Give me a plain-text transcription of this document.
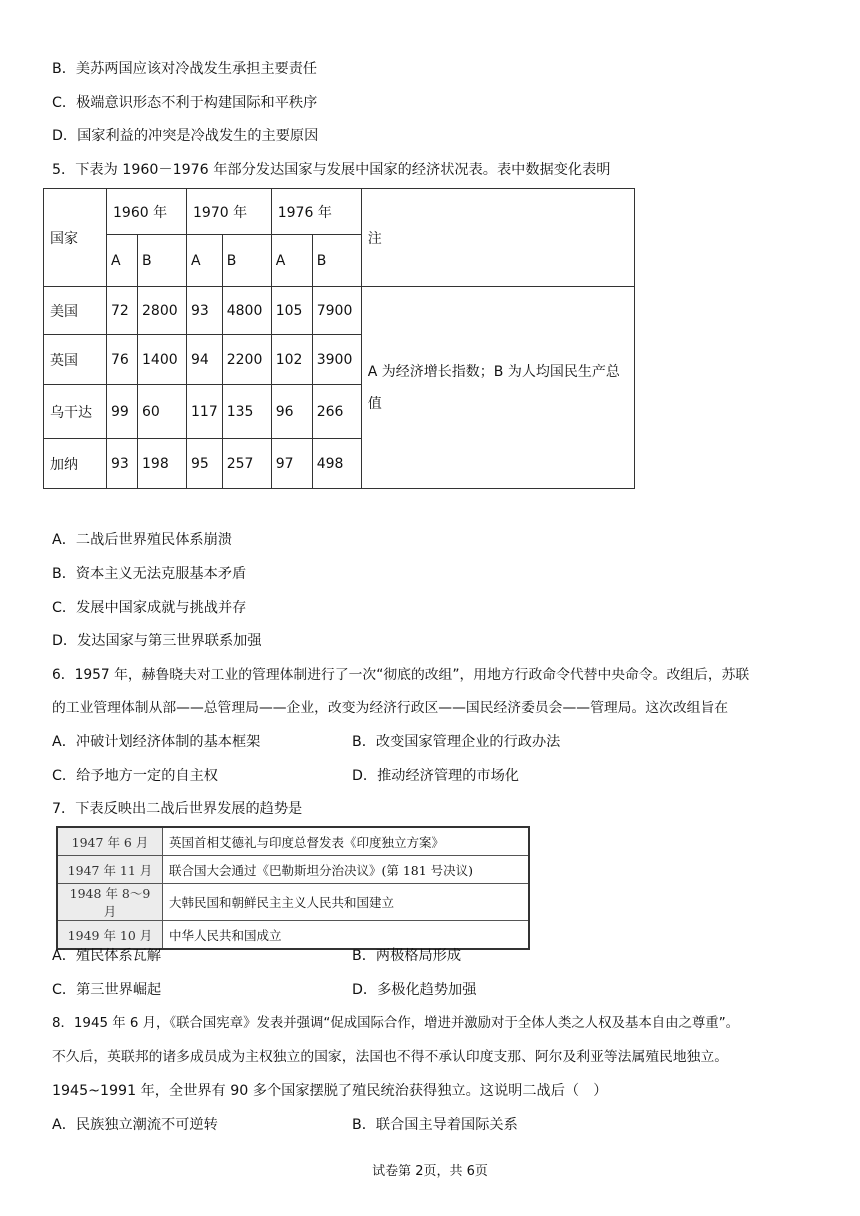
B．美苏两国应该对冷战发生承担主要责任
C．极端意识形态不利于构建国际和平秩序
D．国家利益的冲突是冷战发生的主要原因
5．下表为 1960－1976 年部分发达国家与发展中国家的经济状况表。表中数据变化表明
国家	1960 年		1970 年		1976 年		注
	A	B	A	B	A	B	
美国	72	2800	93	4800	105	7900	A 为经济增长指数；B 为人均国民生产总值
英国	76	1400	94	2200	102	3900	
乌干达	99	60	117	135	96	266	
加纳	93	198	95	257	97	498	
A．二战后世界殖民体系崩溃
B．资本主义无法克服基本矛盾
C．发展中国家成就与挑战并存
D．发达国家与第三世界联系加强
6．1957 年，赫鲁晓夫对工业的管理体制进行了一次“彻底的改组”，用地方行政命令代替中央命令。改组后，苏联
的工业管理体制从部——总管理局——企业，改变为经济行政区——国民经济委员会——管理局。这次改组旨在
A．冲破计划经济体制的基本框架	B．改变国家管理企业的行政办法
C．给予地方一定的自主权	D．推动经济管理的市场化
7．下表反映出二战后世界发展的趋势是
1947 年 6 月	英国首相艾德礼与印度总督发表《印度独立方案》
1947 年 11 月	联合国大会通过《巴勒斯坦分治决议》(第 181 号决议)
1948 年 8～9 月	大韩民国和朝鲜民主主义人民共和国建立
1949 年 10 月	中华人民共和国成立
A．殖民体系瓦解	B．两极格局形成
C．第三世界崛起	D．多极化趋势加强
8．1945 年 6 月，《联合国宪章》发表并强调“促成国际合作，增进并激励对于全体人类之人权及基本自由之尊重”。
不久后，英联邦的诸多成员成为主权独立的国家，法国也不得不承认印度支那、阿尔及利亚等法属殖民地独立。
1945~1991 年，全世界有 90 多个国家摆脱了殖民统治获得独立。这说明二战后（　）
A．民族独立潮流不可逆转	B．联合国主导着国际关系
试卷第 2页，共 6页
